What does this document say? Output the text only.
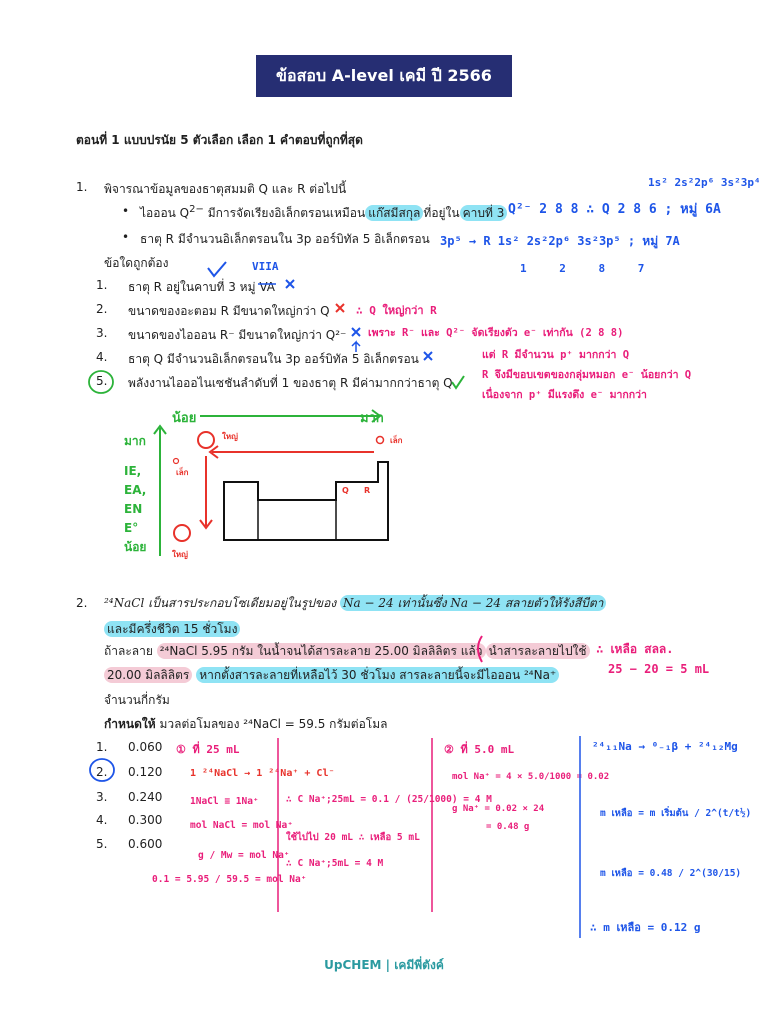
ข้อสอบ A-level เคมี ปี 2566
ตอนที่ 1 แบบปรนัย 5 ตัวเลือก เลือก 1 คำตอบที่ถูกที่สุด
1. พิจารณาข้อมูลของธาตุสมมติ Q และ R ต่อไปนี้
• ไอออน $Q^{2-}$ มีการจัดเรียงอิเล็กตรอนเหมือน แก๊สมีสกุล ที่อยู่ใน คาบที่ 3
• ธาตุ R มีจำนวนอิเล็กตรอนใน 3p ออร์บิทัล 5 อิเล็กตรอน
ข้อใดถูกต้อง
1. ธาตุ R อยู่ในคาบที่ 3 หมู่ VA
2. ขนาดของอะตอม R มีขนาดใหญ่กว่า Q
3. ขนาดของไอออน R⁻ มีขนาดใหญ่กว่า Q²⁻
4. ธาตุ Q มีจำนวนอิเล็กตรอนใน 3p ออร์บิทัล 5 อิเล็กตรอน
5. พลังงานไอออไนเซชันลำดับที่ 1 ของธาตุ R มีค่ามากกว่าธาตุ Q
1s² 2s²2p⁶ 3s²3p⁴
Q²⁻ 2 8 8 ∴ Q 2 8 6 ; หมู่ 6A
3p⁵ → R 1s² 2s²2p⁶ 3s²3p⁵ ; หมู่ 7A
1 2 8 7
VIIA
∴ Q ใหญ่กว่า R
เพราะ R⁻ และ Q²⁻ จัดเรียงตัว e⁻ เท่ากัน (2 8 8)
แต่ R มีจำนวน p⁺ มากกว่า Q
R จึงมีขอบเขตของกลุ่มหมอก e⁻ น้อยกว่า Q
เนื่องจาก p⁺ มีแรงดึง e⁻ มากกว่า
น้อย	มาก
มาก
IE, EA, EN E°
น้อย
ใหญ่
เล็ก
เล็ก
ใหญ่
Q R
2. ²⁴NaCl เป็นสารประกอบโซเดียมอยู่ในรูปของ Na − 24 เท่านั้นซึ่ง Na − 24 สลายตัวให้รังสีบีตา
และมีครึ่งชีวิต 15 ชั่วโมง
ถ้าละลาย ²⁴NaCl 5.95 กรัม ในน้ำจนได้สารละลาย 25.00 มิลลิลิตร แล้ว นำสารละลายไปใช้
20.00 มิลลิลิตร หากตั้งสารละลายที่เหลือไว้ 30 ชั่วโมง สารละลายนี้จะมีไอออน ²⁴Na⁺
จำนวนกี่กรัม
กำหนดให้ มวลต่อโมลของ ²⁴NaCl = 59.5 กรัมต่อโมล
1. 0.060
2. 0.120
3. 0.240
4. 0.300
5. 0.600
∴ เหลือ สลล.
25 − 20 = 5 mL
① ที่ 25 mL
1 ²⁴NaCl → 1 ²⁴Na⁺ + Cl⁻
1NaCl ≡ 1Na⁺
mol NaCl = mol Na⁺
g / Mw = mol Na⁺
0.1 = 5.95 / 59.5 = mol Na⁺
∴ C Na⁺;25mL = 0.1 / (25/1000) = 4 M
ใช้ไปไป 20 mL ∴ เหลือ 5 mL
∴ C Na⁺;5mL = 4 M
② ที่ 5.0 mL
mol Na⁺ = 4 × 5.0/1000 = 0.02
g Na⁺ = 0.02 × 24
= 0.48 g
²⁴₁₁Na → ⁰₋₁β + ²⁴₁₂Mg
m เหลือ = m เริ่มต้น / 2^(t/t½)
m เหลือ = 0.48 / 2^(30/15)
∴ m เหลือ = 0.12 g
UpCHEM | เคมีพี่ตังค์
